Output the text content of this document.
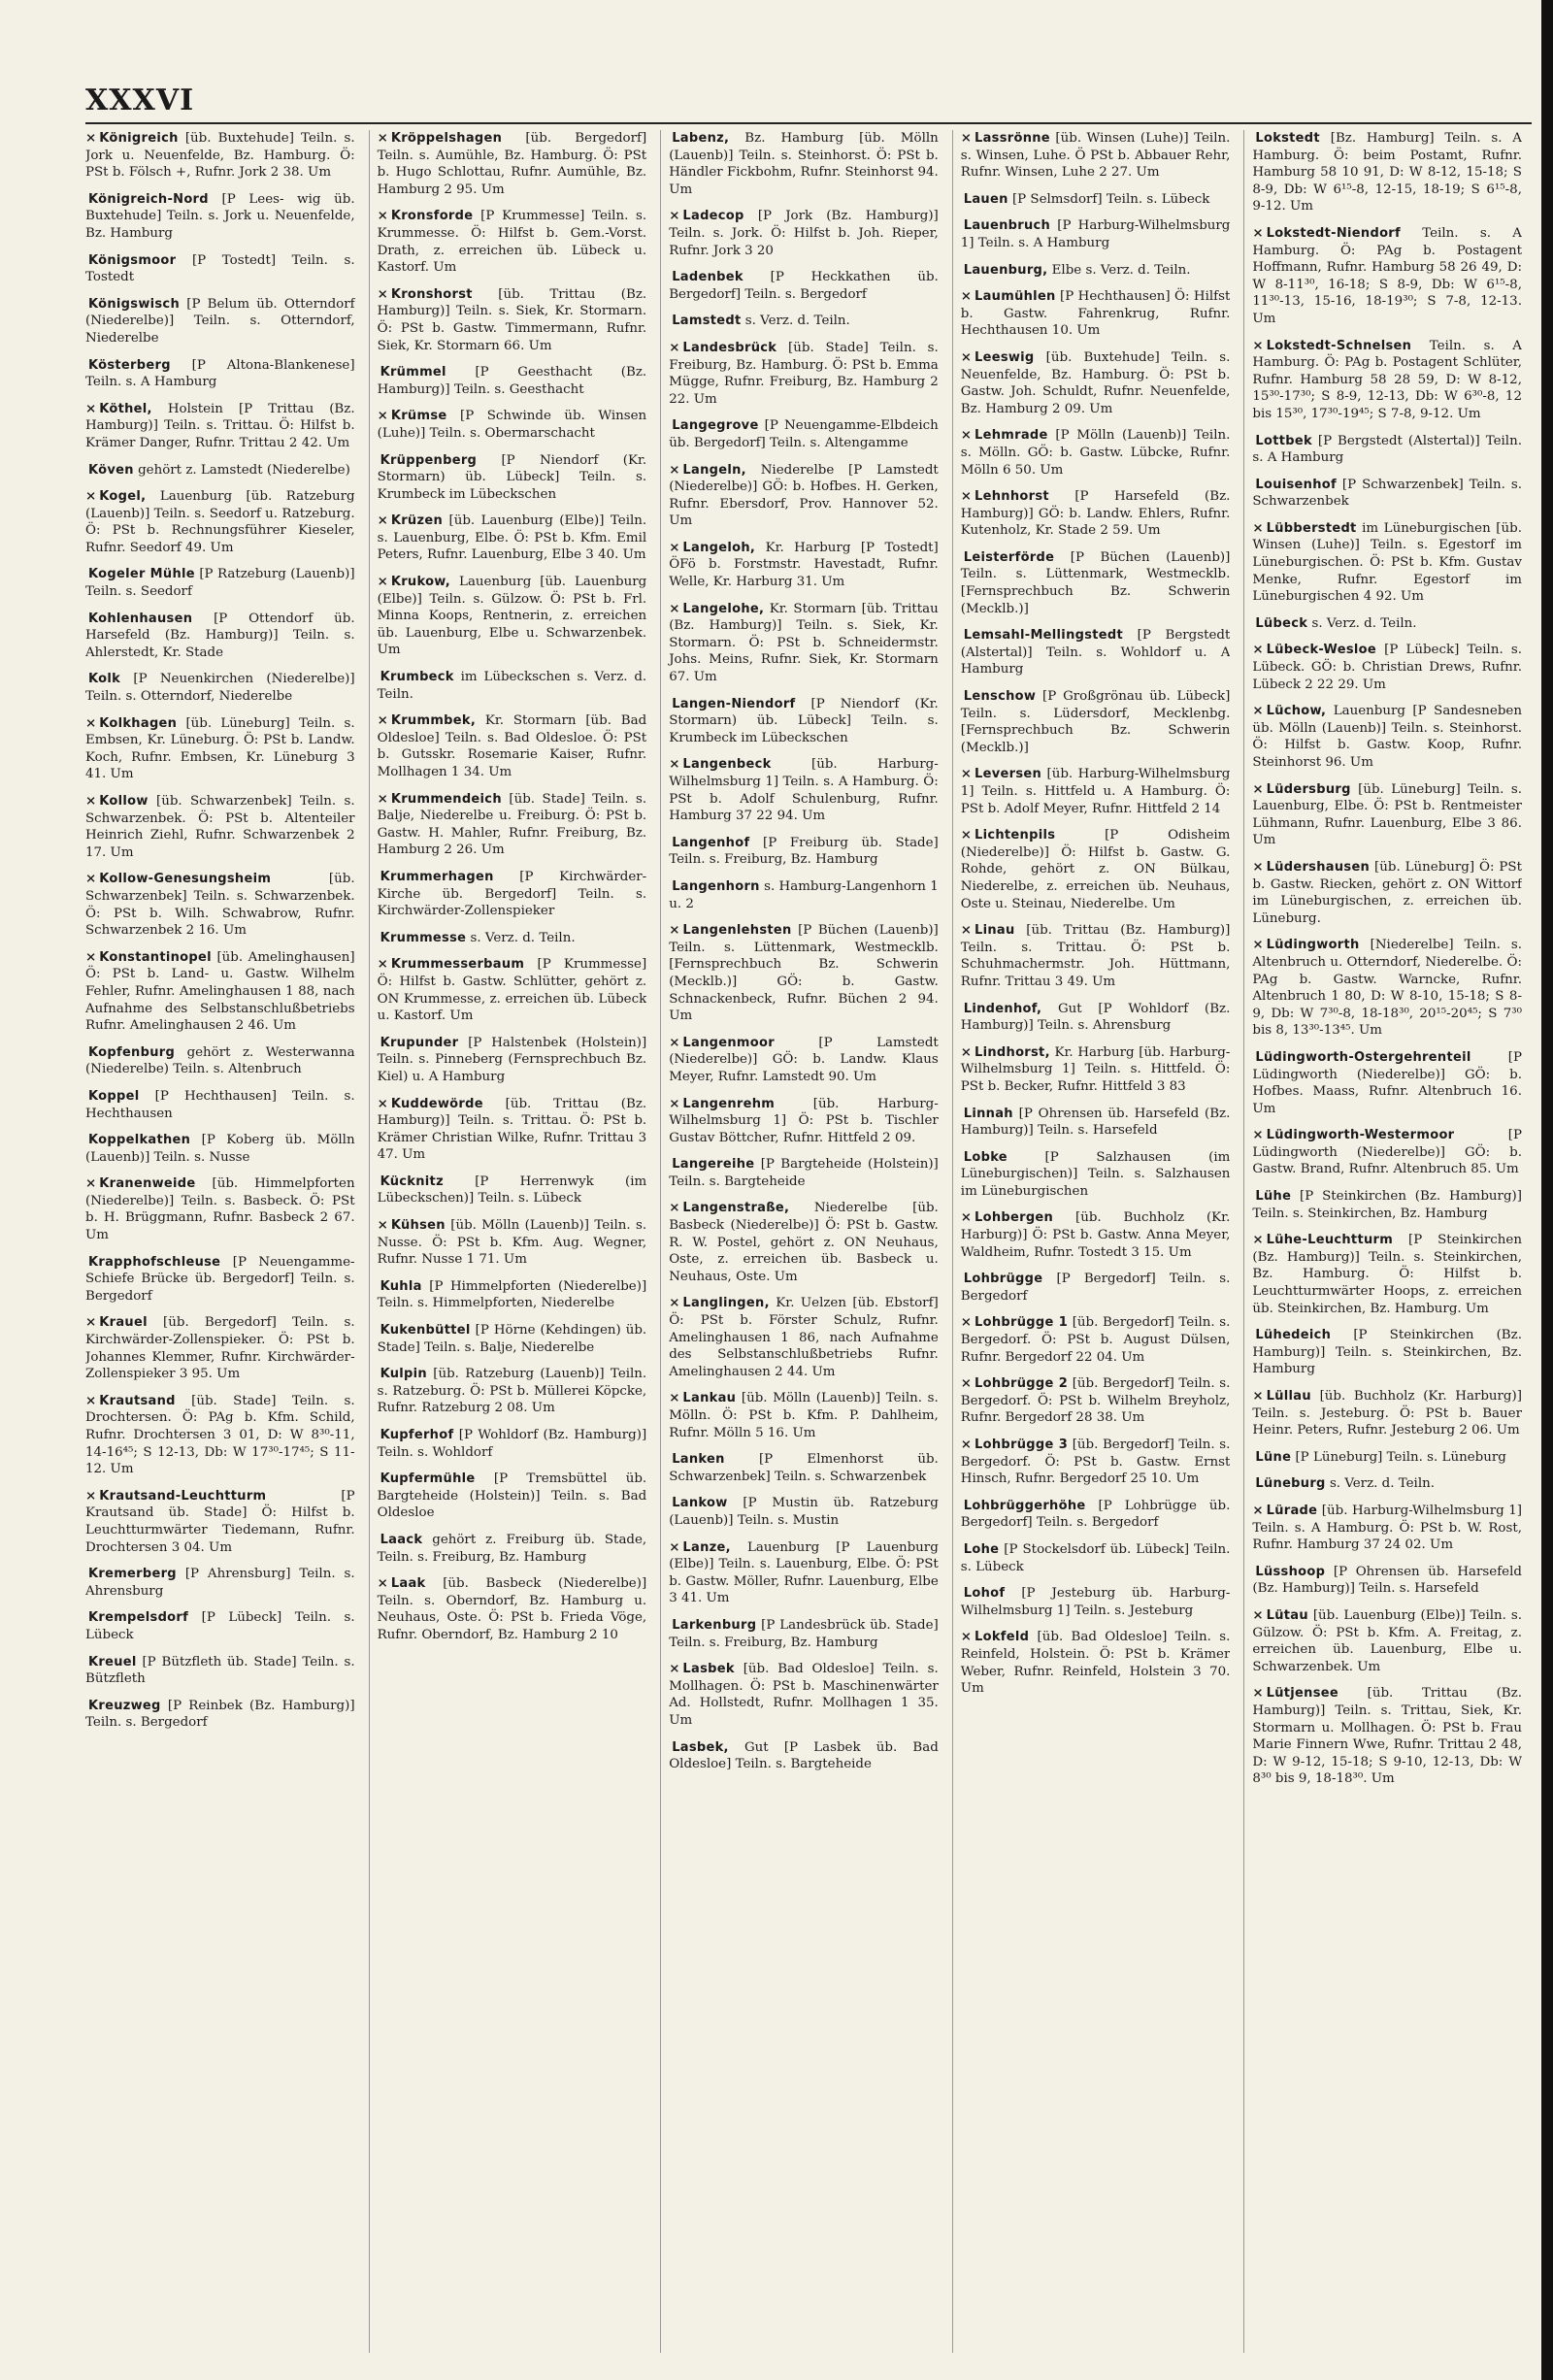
XXXVI
× Königreich [üb. Buxtehude] Teiln. s. Jork u. Neuenfelde, Bz. Hamburg. Ö: PSt b. Fölsch +, Rufnr. Jork 2 38. Um
Königreich-Nord [P Lees- wig üb. Buxtehude] Teiln. s. Jork u. Neuenfelde, Bz. Hamburg
Königsmoor [P Tostedt] Teiln. s. Tostedt
Königswisch [P Belum üb. Otterndorf (Niederelbe)] Teiln. s. Otterndorf, Niederelbe
Kösterberg [P Altona-Blankenese] Teiln. s. A Hamburg
× Köthel, Holstein [P Trittau (Bz. Hamburg)] Teiln. s. Trittau. Ö: Hilfst b. Krämer Danger, Rufnr. Trittau 2 42. Um
Köven gehört z. Lamstedt (Niederelbe)
× Kogel, Lauenburg [üb. Ratzeburg (Lauenb)] Teiln. s. Seedorf u. Ratzeburg. Ö: PSt b. Rechnungsführer Kieseler, Rufnr. Seedorf 49. Um
Kogeler Mühle [P Ratzeburg (Lauenb)] Teiln. s. Seedorf
Kohlenhausen [P Ottendorf üb. Harsefeld (Bz. Hamburg)] Teiln. s. Ahlerstedt, Kr. Stade
Kolk [P Neuenkirchen (Niederelbe)] Teiln. s. Otterndorf, Niederelbe
× Kolkhagen [üb. Lüneburg] Teiln. s. Embsen, Kr. Lüneburg. Ö: PSt b. Landw. Koch, Rufnr. Embsen, Kr. Lüneburg 3 41. Um
× Kollow [üb. Schwarzenbek] Teiln. s. Schwarzenbek. Ö: PSt b. Altenteiler Heinrich Ziehl, Rufnr. Schwarzenbek 2 17. Um
× Kollow-Genesungsheim	[üb. Schwarzenbek] Teiln. s. Schwarzenbek. Ö: PSt b. Wilh. Schwabrow, Rufnr. Schwarzenbek 2 16. Um
× Konstantinopel [üb. Amelinghausen] Ö: PSt b. Land- u. Gastw. Wilhelm Fehler, Rufnr. Amelinghausen 1 88, nach Aufnahme des Selbstanschlußbetriebs Rufnr. Amelinghausen 2 46. Um
Kopfenburg gehört z. Westerwanna (Niederelbe) Teiln. s. Altenbruch
Koppel [P Hechthausen] Teiln. s. Hechthausen
Koppelkathen [P Koberg üb. Mölln (Lauenb)] Teiln. s. Nusse
× Kranenweide [üb. Himmelpforten (Niederelbe)] Teiln. s. Basbeck. Ö: PSt b. H. Brüggmann, Rufnr. Basbeck 2 67. Um
Krapphofschleuse [P Neuengamme-Schiefe Brücke üb. Bergedorf] Teiln. s. Bergedorf
× Krauel [üb. Bergedorf] Teiln. s. Kirchwärder-Zollenspieker. Ö: PSt b. Johannes Klemmer, Rufnr. Kirchwärder-Zollenspieker 3 95. Um
× Krautsand [üb. Stade] Teiln. s. Drochtersen. Ö: PAg b. Kfm. Schild, Rufnr. Drochtersen 3 01, D: W 8³⁰-11, 14-16⁴⁵; S 12-13, Db: W 17³⁰-17⁴⁵; S 11-12. Um
× Krautsand-Leuchtturm	[P Krautsand üb. Stade] Ö: Hilfst b. Leuchtturmwärter Tiedemann, Rufnr. Drochtersen 3 04. Um
Kremerberg [P Ahrensburg] Teiln. s. Ahrensburg
Krempelsdorf [P Lübeck] Teiln. s. Lübeck
Kreuel [P Bützfleth üb. Stade] Teiln. s. Bützfleth
Kreuzweg [P Reinbek (Bz. Hamburg)] Teiln. s. Bergedorf
× Kröppelshagen [üb. Bergedorf] Teiln. s. Aumühle, Bz. Hamburg. Ö: PSt b. Hugo Schlottau, Rufnr. Aumühle, Bz. Hamburg 2 95. Um
× Kronsforde [P Krummesse] Teiln. s. Krummesse. Ö: Hilfst b. Gem.-Vorst. Drath, z. erreichen üb. Lübeck u. Kastorf. Um
× Kronshorst [üb. Trittau (Bz. Hamburg)] Teiln. s. Siek, Kr. Stormarn. Ö: PSt b. Gastw. Timmermann, Rufnr. Siek, Kr. Stormarn 66. Um
Krümmel [P Geesthacht (Bz. Hamburg)] Teiln. s. Geesthacht
× Krümse [P Schwinde üb. Winsen (Luhe)] Teiln. s. Obermarschacht
Krüppenberg [P Niendorf (Kr. Stormarn) üb. Lübeck] Teiln. s. Krumbeck im Lübeckschen
× Krüzen [üb. Lauenburg (Elbe)] Teiln. s. Lauenburg, Elbe. Ö: PSt b. Kfm. Emil Peters, Rufnr. Lauenburg, Elbe 3 40. Um
× Krukow, Lauenburg [üb. Lauenburg (Elbe)] Teiln. s. Gülzow. Ö: PSt b. Frl. Minna Koops, Rentnerin, z. erreichen üb. Lauenburg, Elbe u. Schwarzenbek. Um
Krumbeck im Lübeckschen s. Verz. d. Teiln.
× Krummbek, Kr. Stormarn [üb. Bad Oldesloe] Teiln. s. Bad Oldesloe. Ö: PSt b. Gutsskr. Rosemarie Kaiser, Rufnr. Mollhagen 1 34. Um
× Krummendeich [üb. Stade] Teiln. s. Balje, Niederelbe u. Freiburg. Ö: PSt b. Gastw. H. Mahler, Rufnr. Freiburg, Bz. Hamburg 2 26. Um
Krummerhagen [P Kirchwärder-Kirche üb. Bergedorf] Teiln. s. Kirchwärder-Zollenspieker
Krummesse s. Verz. d. Teiln.
× Krummesserbaum [P Krummesse] Ö: Hilfst b. Gastw. Schlütter, gehört z. ON Krummesse, z. erreichen üb. Lübeck u. Kastorf. Um
Krupunder [P Halstenbek (Holstein)] Teiln. s. Pinneberg (Fernsprechbuch Bz. Kiel) u. A Hamburg
× Kuddewörde [üb. Trittau (Bz. Hamburg)] Teiln. s. Trittau. Ö: PSt b. Krämer Christian Wilke, Rufnr. Trittau 3 47. Um
Kücknitz [P Herrenwyk (im Lübeckschen)] Teiln. s. Lübeck
× Kühsen [üb. Mölln (Lauenb)] Teiln. s. Nusse. Ö: PSt b. Kfm. Aug. Wegner, Rufnr. Nusse 1 71. Um
Kuhla [P Himmelpforten (Niederelbe)] Teiln. s. Himmelpforten, Niederelbe
Kukenbüttel [P Hörne (Kehdingen) üb. Stade] Teiln. s. Balje, Niederelbe
Kulpin [üb. Ratzeburg (Lauenb)] Teiln. s. Ratzeburg. Ö: PSt b. Müllerei Köpcke, Rufnr. Ratzeburg 2 08. Um
Kupferhof [P Wohldorf (Bz. Hamburg)] Teiln. s. Wohldorf
Kupfermühle [P Tremsbüttel üb. Bargteheide (Holstein)] Teiln. s. Bad Oldesloe
Laack gehört z. Freiburg üb. Stade, Teiln. s. Freiburg, Bz. Hamburg
× Laak [üb. Basbeck (Niederelbe)] Teiln. s. Oberndorf, Bz. Hamburg u. Neuhaus, Oste. Ö: PSt b. Frieda Vöge, Rufnr. Oberndorf, Bz. Hamburg 2 10
Labenz, Bz. Hamburg [üb. Mölln (Lauenb)] Teiln. s. Steinhorst. Ö: PSt b. Händler Fickbohm, Rufnr. Steinhorst 94. Um
× Ladecop [P Jork (Bz. Hamburg)] Teiln. s. Jork. Ö: Hilfst b. Joh. Rieper, Rufnr. Jork 3 20
Ladenbek [P Heckkathen üb. Bergedorf] Teiln. s. Bergedorf
Lamstedt s. Verz. d. Teiln.
× Landesbrück [üb. Stade] Teiln. s. Freiburg, Bz. Hamburg. Ö: PSt b. Emma Mügge, Rufnr. Freiburg, Bz. Hamburg 2 22. Um
Langegrove [P Neuengamme-Elbdeich üb. Bergedorf] Teiln. s. Altengamme
× Langeln, Niederelbe [P Lamstedt (Niederelbe)] GÖ: b. Hofbes. H. Gerken, Rufnr. Ebersdorf, Prov. Hannover 52. Um
× Langeloh, Kr. Harburg [P Tostedt] ÖFö b. Forstmstr. Havestadt, Rufnr. Welle, Kr. Harburg 31. Um
× Langelohe, Kr. Stormarn [üb. Trittau (Bz. Hamburg)] Teiln. s. Siek, Kr. Stormarn. Ö: PSt b. Schneidermstr. Johs. Meins, Rufnr. Siek, Kr. Stormarn 67. Um
Langen-Niendorf [P Niendorf (Kr. Stormarn) üb. Lübeck] Teiln. s. Krumbeck im Lübeckschen
× Langenbeck	[üb. Harburg-Wilhelmsburg 1] Teiln. s. A Hamburg. Ö: PSt b. Adolf Schulenburg, Rufnr. Hamburg 37 22 94. Um
Langenhof [P Freiburg üb. Stade] Teiln. s. Freiburg, Bz. Hamburg
Langenhorn s. Hamburg-Langenhorn 1 u. 2
× Langenlehsten [P Büchen (Lauenb)] Teiln. s. Lüttenmark, Westmecklb. [Fernsprechbuch Bz. Schwerin (Mecklb.)] GÖ: b. Gastw. Schnackenbeck, Rufnr. Büchen 2 94. Um
× Langenmoor	[P Lamstedt (Niederelbe)] GÖ: b. Landw. Klaus Meyer, Rufnr. Lamstedt 90. Um
× Langenrehm	[üb. Harburg-Wilhelmsburg 1] Ö: PSt b. Tischler Gustav Böttcher, Rufnr. Hittfeld 2 09.
Langereihe [P Bargteheide (Holstein)] Teiln. s. Bargteheide
× Langenstraße, Niederelbe [üb. Basbeck (Niederelbe)] Ö: PSt b. Gastw. R. W. Postel, gehört z. ON Neuhaus, Oste, z. erreichen üb. Basbeck u. Neuhaus, Oste. Um
× Langlingen, Kr. Uelzen [üb. Ebstorf] Ö: PSt b. Förster Schulz, Rufnr. Amelinghausen 1 86, nach Aufnahme des Selbstanschlußbetriebs Rufnr. Amelinghausen 2 44. Um
× Lankau [üb. Mölln (Lauenb)] Teiln. s. Mölln. Ö: PSt b. Kfm. P. Dahlheim, Rufnr. Mölln 5 16. Um
Lanken	[P Elmenhorst üb. Schwarzenbek] Teiln. s. Schwarzenbek
Lankow [P Mustin üb. Ratzeburg (Lauenb)] Teiln. s. Mustin
× Lanze, Lauenburg [P Lauenburg (Elbe)] Teiln. s. Lauenburg, Elbe. Ö: PSt b. Gastw. Möller, Rufnr. Lauenburg, Elbe 3 41. Um
Larkenburg [P Landesbrück üb. Stade] Teiln. s. Freiburg, Bz. Hamburg
× Lasbek [üb. Bad Oldesloe] Teiln. s. Mollhagen. Ö: PSt b. Maschinenwärter Ad. Hollstedt, Rufnr. Mollhagen 1 35. Um
Lasbek, Gut [P Lasbek üb. Bad Oldesloe] Teiln. s. Bargteheide
× Lassrönne [üb. Winsen (Luhe)] Teiln. s. Winsen, Luhe. Ö PSt b. Abbauer Rehr, Rufnr. Winsen, Luhe 2 27. Um
Lauen [P Selmsdorf] Teiln. s. Lübeck
Lauenbruch [P Harburg-Wilhelmsburg 1] Teiln. s. A Hamburg
Lauenburg, Elbe s. Verz. d. Teiln.
× Laumühlen [P Hechthausen] Ö: Hilfst b. Gastw. Fahrenkrug, Rufnr. Hechthausen 10. Um
× Leeswig [üb. Buxtehude] Teiln. s. Neuenfelde, Bz. Hamburg. Ö: PSt b. Gastw. Joh. Schuldt, Rufnr. Neuenfelde, Bz. Hamburg 2 09. Um
× Lehmrade [P Mölln (Lauenb)] Teiln. s. Mölln. GÖ: b. Gastw. Lübcke, Rufnr. Mölln 6 50. Um
× Lehnhorst [P Harsefeld (Bz. Hamburg)] GÖ: b. Landw. Ehlers, Rufnr. Kutenholz, Kr. Stade 2 59. Um
Leisterförde [P Büchen (Lauenb)] Teiln. s. Lüttenmark, Westmecklb. [Fernsprechbuch Bz. Schwerin (Mecklb.)]
Lemsahl-Mellingstedt [P Bergstedt (Alstertal)] Teiln. s. Wohldorf u. A Hamburg
Lenschow [P Großgrönau üb. Lübeck] Teiln. s. Lüdersdorf, Mecklenbg. [Fernsprechbuch Bz. Schwerin (Mecklb.)]
× Leversen [üb. Harburg-Wilhelmsburg 1] Teiln. s. Hittfeld u. A Hamburg. Ö: PSt b. Adolf Meyer, Rufnr. Hittfeld 2 14
× Lichtenpils	[P Odisheim (Niederelbe)] Ö: Hilfst b. Gastw. G. Rohde, gehört z. ON Bülkau, Niederelbe, z. erreichen üb. Neuhaus, Oste u. Steinau, Niederelbe. Um
× Linau [üb. Trittau (Bz. Hamburg)] Teiln. s. Trittau. Ö: PSt b. Schuhmachermstr. Joh. Hüttmann, Rufnr. Trittau 3 49. Um
Lindenhof, Gut [P Wohldorf (Bz. Hamburg)] Teiln. s. Ahrensburg
× Lindhorst, Kr. Harburg [üb. Harburg-Wilhelmsburg 1] Teiln. s. Hittfeld. Ö: PSt b. Becker, Rufnr. Hittfeld 3 83
Linnah [P Ohrensen üb. Harsefeld (Bz. Hamburg)] Teiln. s. Harsefeld
Lobke	[P Salzhausen (im Lüneburgischen)] Teiln. s. Salzhausen im Lüneburgischen
× Lohbergen [üb. Buchholz (Kr. Harburg)] Ö: PSt b. Gastw. Anna Meyer, Waldheim, Rufnr. Tostedt 3 15. Um
Lohbrügge [P Bergedorf] Teiln. s. Bergedorf
× Lohbrügge 1 [üb. Bergedorf] Teiln. s. Bergedorf. Ö: PSt b. August Dülsen, Rufnr. Bergedorf 22 04. Um
× Lohbrügge 2 [üb. Bergedorf] Teiln. s. Bergedorf. Ö: PSt b. Wilhelm Breyholz, Rufnr. Bergedorf 28 38. Um
× Lohbrügge 3 [üb. Bergedorf] Teiln. s. Bergedorf. Ö: PSt b. Gastw. Ernst Hinsch, Rufnr. Bergedorf 25 10. Um
Lohbrüggerhöhe [P Lohbrügge üb. Bergedorf] Teiln. s. Bergedorf
Lohe [P Stockelsdorf üb. Lübeck] Teiln. s. Lübeck
Lohof [P Jesteburg üb. Harburg-Wilhelmsburg 1] Teiln. s. Jesteburg
× Lokfeld [üb. Bad Oldesloe] Teiln. s. Reinfeld, Holstein. Ö: PSt b. Krämer Weber, Rufnr. Reinfeld, Holstein 3 70. Um
Lokstedt [Bz. Hamburg] Teiln. s. A Hamburg. Ö: beim Postamt, Rufnr. Hamburg 58 10 91, D: W 8-12, 15-18; S 8-9, Db: W 6¹⁵-8, 12-15, 18-19; S 6¹⁵-8, 9-12. Um
× Lokstedt-Niendorf Teiln. s. A Hamburg. Ö: PAg b. Postagent Hoffmann, Rufnr. Hamburg 58 26 49, D: W 8-11³⁰, 16-18; S 8-9, Db: W 6¹⁵-8, 11³⁰-13, 15-16, 18-19³⁰; S 7-8, 12-13. Um
× Lokstedt-Schnelsen Teiln. s. A Hamburg. Ö: PAg b. Postagent Schlüter, Rufnr. Hamburg 58 28 59, D: W 8-12, 15³⁰-17³⁰; S 8-9, 12-13, Db: W 6³⁰-8, 12 bis 15³⁰, 17³⁰-19⁴⁵; S 7-8, 9-12. Um
Lottbek [P Bergstedt (Alstertal)] Teiln. s. A Hamburg
Louisenhof [P Schwarzenbek] Teiln. s. Schwarzenbek
× Lübberstedt im Lüneburgischen [üb. Winsen (Luhe)] Teiln. s. Egestorf im Lüneburgischen. Ö: PSt b. Kfm. Gustav Menke, Rufnr. Egestorf im Lüneburgischen 4 92. Um
Lübeck s. Verz. d. Teiln.
× Lübeck-Wesloe [P Lübeck] Teiln. s. Lübeck. GÖ: b. Christian Drews, Rufnr. Lübeck 2 22 29. Um
× Lüchow, Lauenburg [P Sandesneben üb. Mölln (Lauenb)] Teiln. s. Steinhorst. Ö: Hilfst b. Gastw. Koop, Rufnr. Steinhorst 96. Um
× Lüdersburg [üb. Lüneburg] Teiln. s. Lauenburg, Elbe. Ö: PSt b. Rentmeister Lühmann, Rufnr. Lauenburg, Elbe 3 86. Um
× Lüdershausen [üb. Lüneburg] Ö: PSt b. Gastw. Riecken, gehört z. ON Wittorf im Lüneburgischen, z. erreichen üb. Lüneburg.
× Lüdingworth [Niederelbe] Teiln. s. Altenbruch u. Otterndorf, Niederelbe. Ö: PAg b. Gastw. Warncke, Rufnr. Altenbruch 1 80, D: W 8-10, 15-18; S 8-9, Db: W 7³⁰-8, 18-18³⁰, 20¹⁵-20⁴⁵; S 7³⁰ bis 8, 13³⁰-13⁴⁵. Um
Lüdingworth-Ostergehrenteil	[P Lüdingworth (Niederelbe)] GÖ: b. Hofbes. Maass, Rufnr. Altenbruch 16. Um
× Lüdingworth-Westermoor	[P Lüdingworth (Niederelbe)] GÖ: b. Gastw. Brand, Rufnr. Altenbruch 85. Um
Lühe [P Steinkirchen (Bz. Hamburg)] Teiln. s. Steinkirchen, Bz. Hamburg
× Lühe-Leuchtturm [P Steinkirchen (Bz. Hamburg)] Teiln. s. Steinkirchen, Bz. Hamburg. Ö: Hilfst b. Leuchtturmwärter Hoops, z. erreichen üb. Steinkirchen, Bz. Hamburg. Um
Lühedeich [P Steinkirchen (Bz. Hamburg)] Teiln. s. Steinkirchen, Bz. Hamburg
× Lüllau [üb. Buchholz (Kr. Harburg)] Teiln. s. Jesteburg. Ö: PSt b. Bauer Heinr. Peters, Rufnr. Jesteburg 2 06. Um
Lüne [P Lüneburg] Teiln. s. Lüneburg
Lüneburg s. Verz. d. Teiln.
× Lürade [üb. Harburg-Wilhelmsburg 1] Teiln. s. A Hamburg. Ö: PSt b. W. Rost, Rufnr. Hamburg 37 24 02. Um
Lüsshoop [P Ohrensen üb. Harsefeld (Bz. Hamburg)] Teiln. s. Harsefeld
× Lütau [üb. Lauenburg (Elbe)] Teiln. s. Gülzow. Ö: PSt b. Kfm. A. Freitag, z. erreichen üb. Lauenburg, Elbe u. Schwarzenbek. Um
× Lütjensee [üb. Trittau (Bz. Hamburg)] Teiln. s. Trittau, Siek, Kr. Stormarn u. Mollhagen. Ö: PSt b. Frau Marie Finnern Wwe, Rufnr. Trittau 2 48, D: W 9-12, 15-18; S 9-10, 12-13, Db: W 8³⁰ bis 9, 18-18³⁰. Um
